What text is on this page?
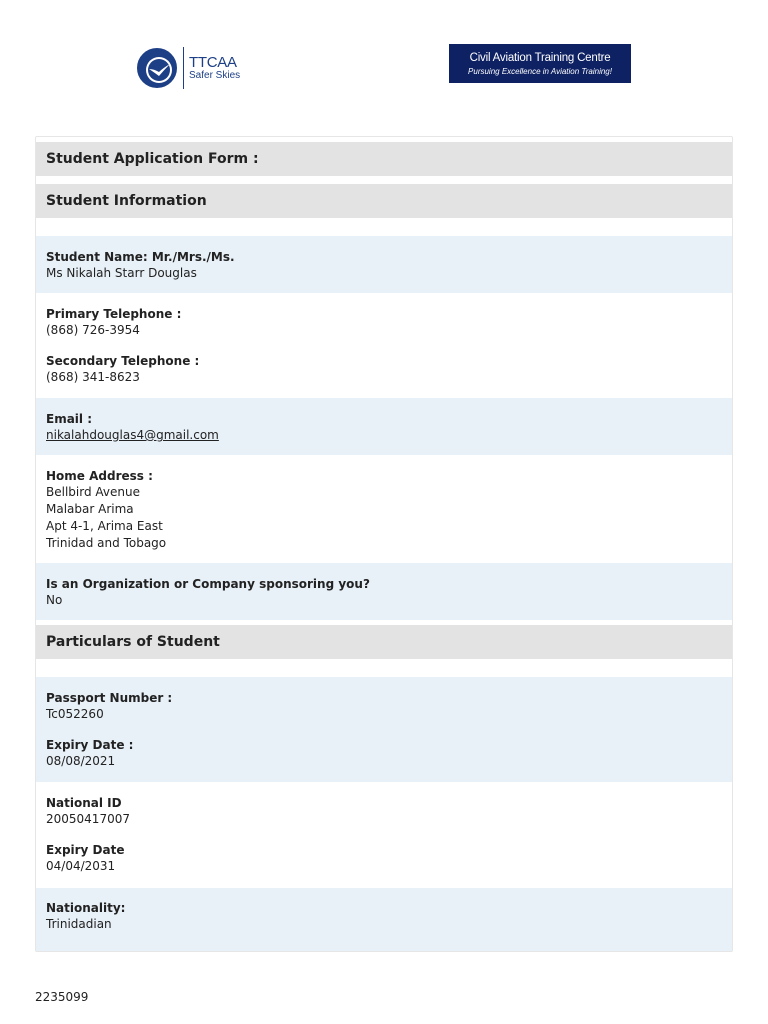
TTCAA
Safer Skies
Civil Aviation Training Centre
Pursuing Excellence in Aviation Training!
Student Application Form :
Student Information
Student Name: Mr./Mrs./Ms.
Ms Nikalah Starr Douglas
Primary Telephone :
(868) 726-3954
Secondary Telephone :
(868) 341-8623
Email :
nikalahdouglas4@gmail.com
Home Address :
Bellbird Avenue
Malabar Arima
Apt 4-1, Arima East
Trinidad and Tobago
Is an Organization or Company sponsoring you?
No
Particulars of Student
Passport Number :
Tc052260
Expiry Date :
08/08/2021
National ID
20050417007
Expiry Date
04/04/2031
Nationality:
Trinidadian
2235099
